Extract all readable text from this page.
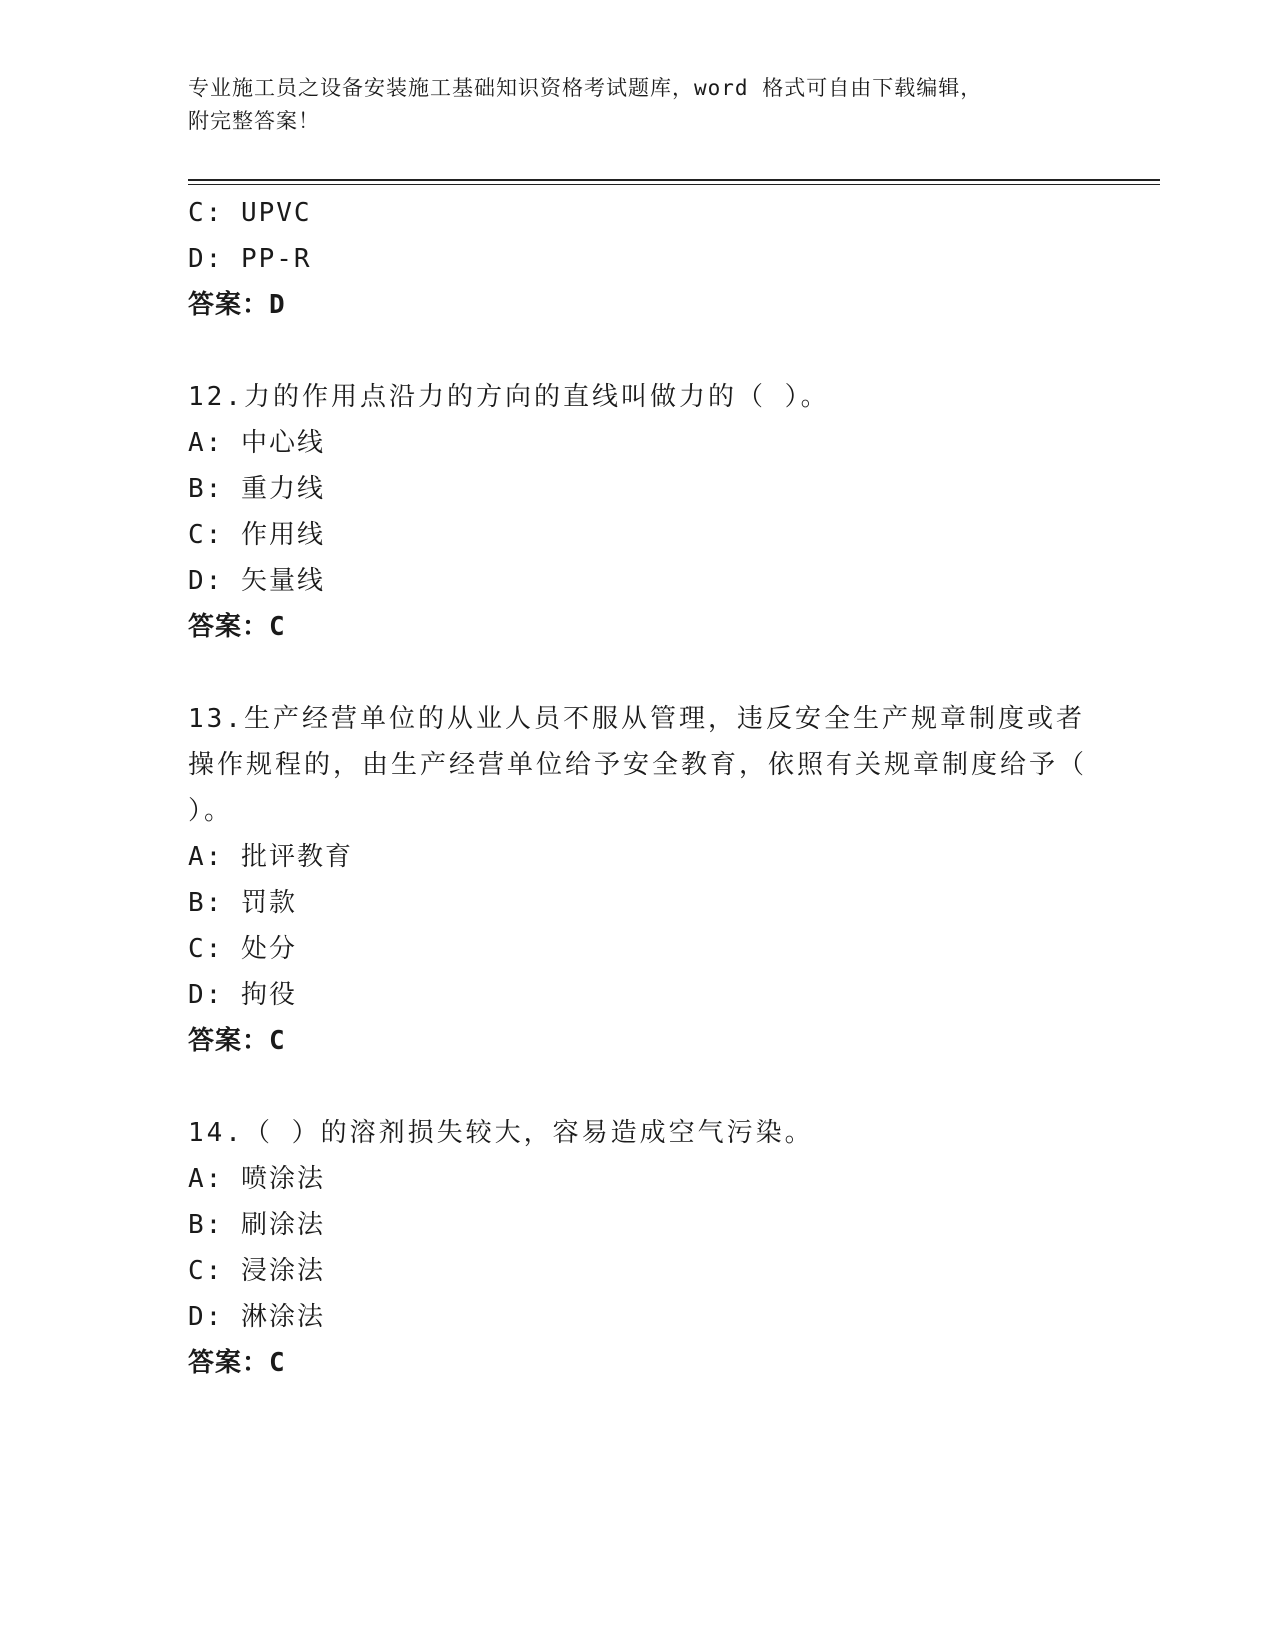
专业施工员之设备安装施工基础知识资格考试题库，word 格式可自由下载编辑，
附完整答案！
C: UPVC
D: PP-R
答案：D
12.力的作用点沿力的方向的直线叫做力的（ ）。
A: 中心线
B: 重力线
C: 作用线
D: 矢量线
答案：C
13.生产经营单位的从业人员不服从管理，违反安全生产规章制度或者操作规程的，由生产经营单位给予安全教育，依照有关规章制度给予（ ）。
A: 批评教育
B: 罚款
C: 处分
D: 拘役
答案：C
14.（ ）的溶剂损失较大，容易造成空气污染。
A: 喷涂法
B: 刷涂法
C: 浸涂法
D: 淋涂法
答案：C
